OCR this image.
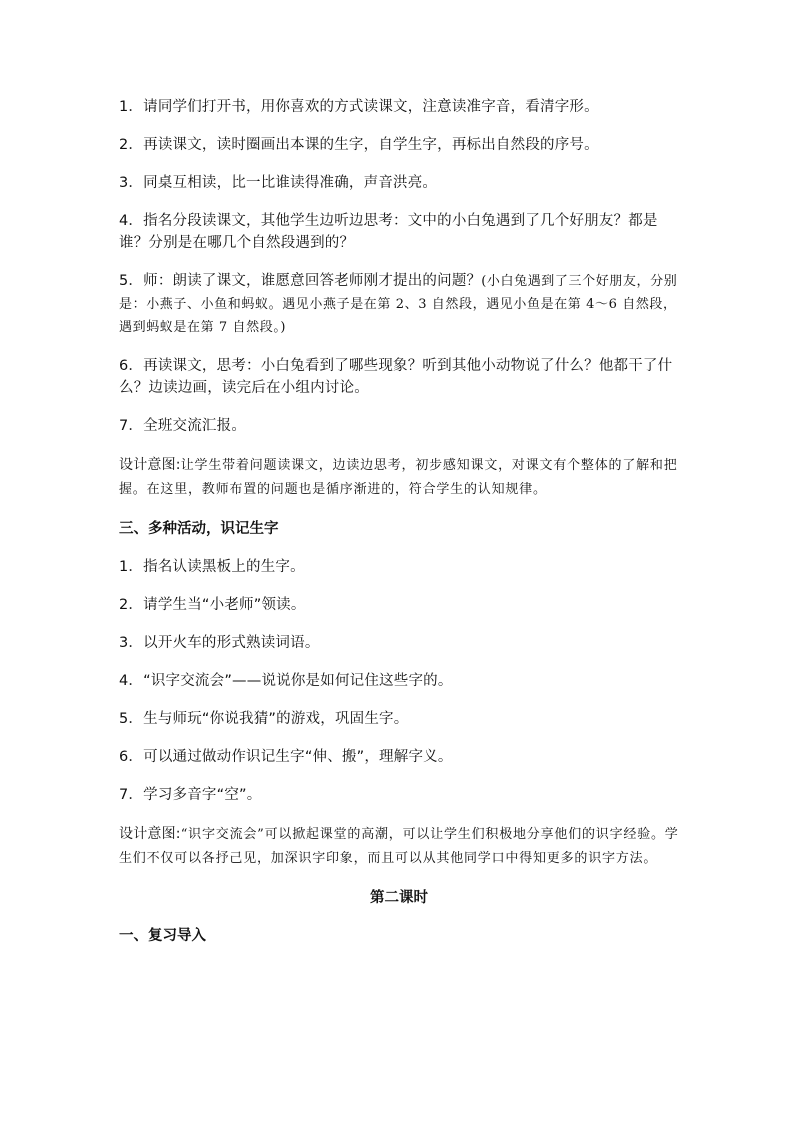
1．请同学们打开书，用你喜欢的方式读课文，注意读准字音，看清字形。

2．再读课文，读时圈画出本课的生字，自学生字，再标出自然段的序号。

3．同桌互相读，比一比谁读得准确，声音洪亮。

4．指名分段读课文，其他学生边听边思考：文中的小白兔遇到了几个好朋友？都是谁？分别是在哪几个自然段遇到的？

5．师：朗读了课文，谁愿意回答老师刚才提出的问题？(小白兔遇到了三个好朋友，分别是：小燕子、小鱼和蚂蚁。遇见小燕子是在第 2、3 自然段，遇见小鱼是在第 4～6 自然段，遇到蚂蚁是在第 7 自然段。)

6．再读课文，思考：小白兔看到了哪些现象？听到其他小动物说了什么？他都干了什么？边读边画，读完后在小组内讨论。

7．全班交流汇报。

设计意图:让学生带着问题读课文，边读边思考，初步感知课文，对课文有个整体的了解和把握。在这里，教师布置的问题也是循序渐进的，符合学生的认知规律。

三、多种活动，识记生字

1．指名认读黑板上的生字。

2．请学生当“小老师”领读。

3．以开火车的形式熟读词语。

4．“识字交流会”——说说你是如何记住这些字的。

5．生与师玩“你说我猜”的游戏，巩固生字。

6．可以通过做动作识记生字“伸、搬”，理解字义。

7．学习多音字“空”。

设计意图:“识字交流会”可以掀起课堂的高潮，可以让学生们积极地分享他们的识字经验。学生们不仅可以各抒己见，加深识字印象，而且可以从其他同学口中得知更多的识字方法。

第二课时

一、复习导入
